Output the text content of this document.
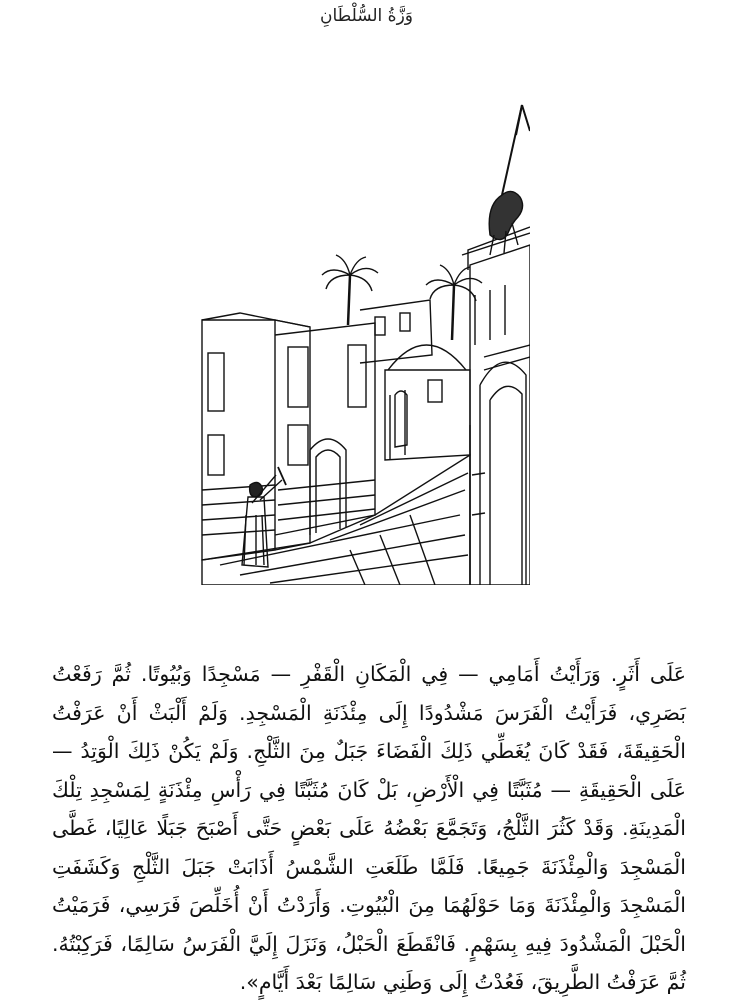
وَزَّةُ السُّلْطَانِ
عَلَى أَثَرٍ. وَرَأَيْتُ أَمَامِي — فِي الْمَكَانِ الْقَفْرِ — مَسْجِدًا وَبُيُوتًا. ثُمَّ رَفَعْتُ بَصَرِي، فَرَأَيْتُ الْفَرَسَ مَشْدُودًا إِلَى مِئْذَنَةِ الْمَسْجِدِ. وَلَمْ أَلْبَثْ أَنْ عَرَفْتُ الْحَقِيقَةَ، فَقَدْ كَانَ يُغَطِّي ذَلِكَ الْفَضَاءَ جَبَلٌ مِنَ الثَّلْجِ. وَلَمْ يَكُنْ ذَلِكَ الْوَتِدُ — عَلَى الْحَقِيقَةِ — مُثَبَّتًا فِي الْأَرْضِ، بَلْ كَانَ مُثَبَّتًا فِي رَأْسِ مِئْذَنَةٍ لِمَسْجِدِ تِلْكَ الْمَدِينَةِ. وَقَدْ كَثُرَ الثَّلْجُ، وَتَجَمَّعَ بَعْضُهُ عَلَى بَعْضٍ حَتَّى أَصْبَحَ جَبَلًا عَالِيًا، غَطَّى الْمَسْجِدَ وَالْمِئْذَنَةَ جَمِيعًا. فَلَمَّا طَلَعَتِ الشَّمْسُ أَذَابَتْ جَبَلَ الثَّلْجِ وَكَشَفَتِ الْمَسْجِدَ وَالْمِئْذَنَةَ وَمَا حَوْلَهُمَا مِنَ الْبُيُوتِ. وَأَرَدْتُ أَنْ أُخَلِّصَ فَرَسِي، فَرَمَيْتُ الْحَبْلَ الْمَشْدُودَ فِيهِ بِسَهْمٍ. فَانْقَطَعَ الْحَبْلُ، وَنَزَلَ إِلَيَّ الْفَرَسُ سَالِمًا، فَرَكِبْتُهُ. ثُمَّ عَرَفْتُ الطَّرِيقَ، فَعُدْتُ إِلَى وَطَنِي سَالِمًا بَعْدَ أَيَّامٍ».
